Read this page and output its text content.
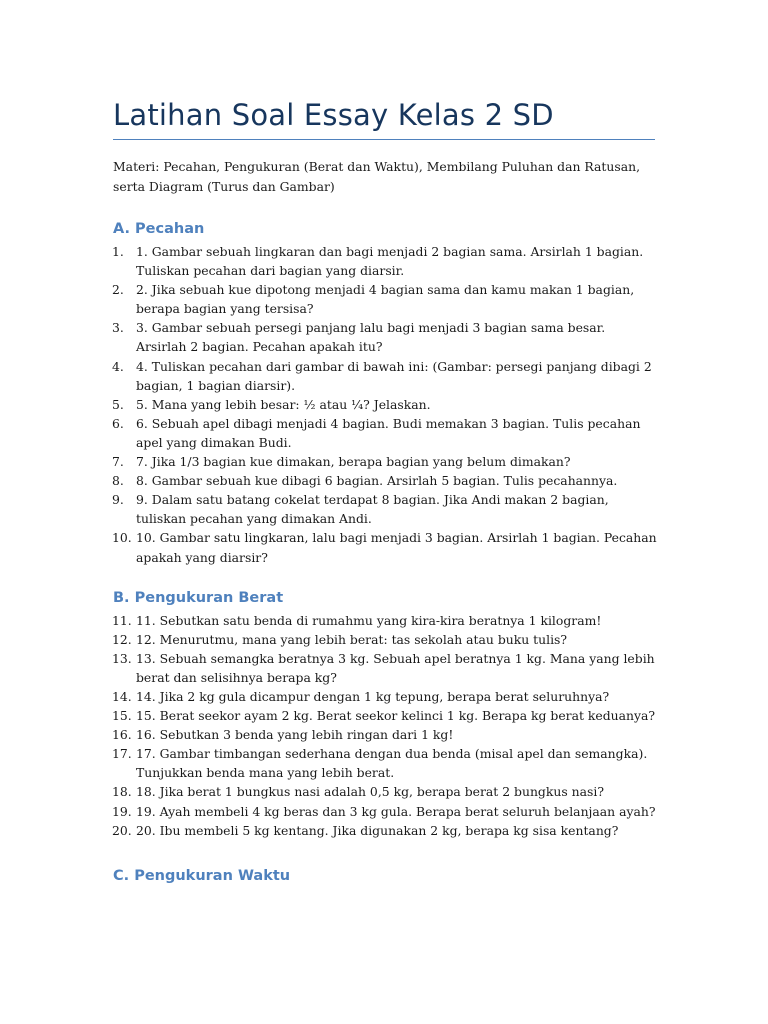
Latihan Soal Essay Kelas 2 SD
Materi: Pecahan, Pengukuran (Berat dan Waktu), Membilang Puluhan dan Ratusan, serta Diagram (Turus dan Gambar)
A. Pecahan
1. 1. Gambar sebuah lingkaran dan bagi menjadi 2 bagian sama. Arsirlah 1 bagian. Tuliskan pecahan dari bagian yang diarsir.
2. 2. Jika sebuah kue dipotong menjadi 4 bagian sama dan kamu makan 1 bagian, berapa bagian yang tersisa?
3. 3. Gambar sebuah persegi panjang lalu bagi menjadi 3 bagian sama besar. Arsirlah 2 bagian. Pecahan apakah itu?
4. 4. Tuliskan pecahan dari gambar di bawah ini: (Gambar: persegi panjang dibagi 2 bagian, 1 bagian diarsir).
5. 5. Mana yang lebih besar: ½ atau ¼? Jelaskan.
6. 6. Sebuah apel dibagi menjadi 4 bagian. Budi memakan 3 bagian. Tulis pecahan apel yang dimakan Budi.
7. 7. Jika 1/3 bagian kue dimakan, berapa bagian yang belum dimakan?
8. 8. Gambar sebuah kue dibagi 6 bagian. Arsirlah 5 bagian. Tulis pecahannya.
9. 9. Dalam satu batang cokelat terdapat 8 bagian. Jika Andi makan 2 bagian, tuliskan pecahan yang dimakan Andi.
10. 10. Gambar satu lingkaran, lalu bagi menjadi 3 bagian. Arsirlah 1 bagian. Pecahan apakah yang diarsir?
B. Pengukuran Berat
11. 11. Sebutkan satu benda di rumahmu yang kira-kira beratnya 1 kilogram!
12. 12. Menurutmu, mana yang lebih berat: tas sekolah atau buku tulis?
13. 13. Sebuah semangka beratnya 3 kg. Sebuah apel beratnya 1 kg. Mana yang lebih berat dan selisihnya berapa kg?
14. 14. Jika 2 kg gula dicampur dengan 1 kg tepung, berapa berat seluruhnya?
15. 15. Berat seekor ayam 2 kg. Berat seekor kelinci 1 kg. Berapa kg berat keduanya?
16. 16. Sebutkan 3 benda yang lebih ringan dari 1 kg!
17. 17. Gambar timbangan sederhana dengan dua benda (misal apel dan semangka). Tunjukkan benda mana yang lebih berat.
18. 18. Jika berat 1 bungkus nasi adalah 0,5 kg, berapa berat 2 bungkus nasi?
19. 19. Ayah membeli 4 kg beras dan 3 kg gula. Berapa berat seluruh belanjaan ayah?
20. 20. Ibu membeli 5 kg kentang. Jika digunakan 2 kg, berapa kg sisa kentang?
C. Pengukuran Waktu
